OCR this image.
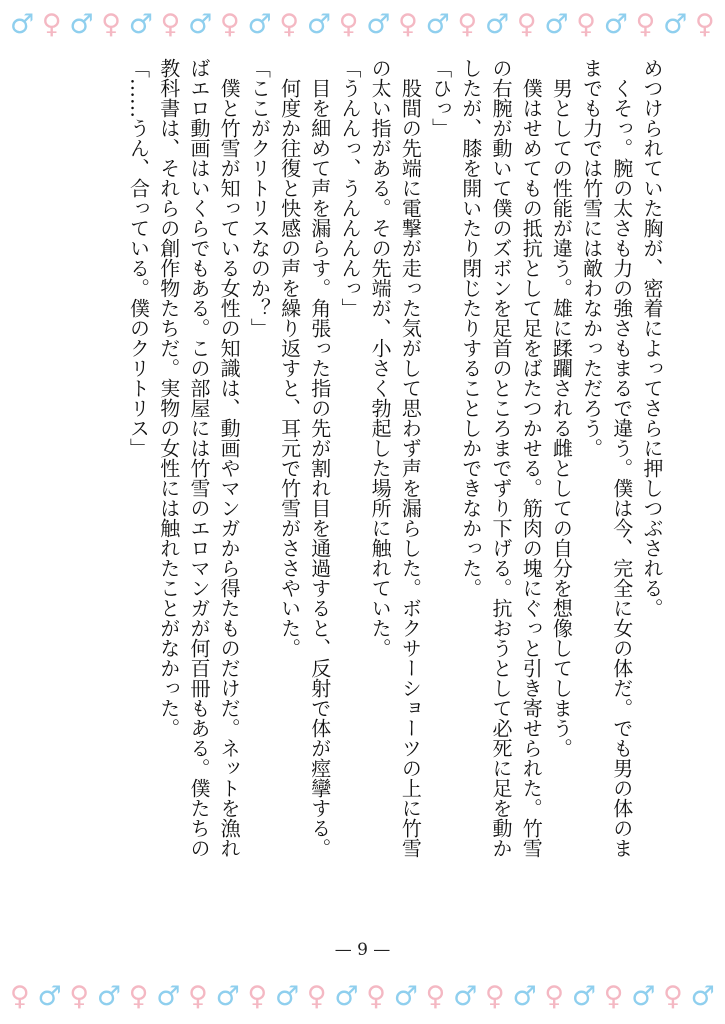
♂ ♀ ♂ ♀ ♂ ♀ ♂ ♀ ♂ ♀ ♂ ♀ ♂ ♀ ♂ ♀ ♂ ♀ ♂ ♀ ♂ ♀ ♂ ♀
めつけられていた胸が、密着によってさらに押しつぶされる。
　くそっ。腕の太さも力の強さもまるで違う。僕は今、完全に女の体だ。でも男の体のま
までも力では竹雪には敵わなかっただろう。
　男としての性能が違う。雄に蹂躙される雌としての自分を想像してしまう。
　僕はせめてもの抵抗として足をばたつかせる。筋肉の塊にぐっと引き寄せられた。竹雪
の右腕が動いて僕のズボンを足首のところまでずり下げる。抗おうとして必死に足を動か
したが、膝を開いたり閉じたりすることしかできなかった。
「ひっ」
　股間の先端に電撃が走った気がして思わず声を漏らした。ボクサーショーツの上に竹雪
の太い指がある。その先端が、小さく勃起した場所に触れていた。
「うんんっ、うんんんんっ」
　目を細めて声を漏らす。角張った指の先が割れ目を通過すると、反射で体が痙攣する。
　何度か往復と快感の声を繰り返すと、耳元で竹雪がささやいた。
「ここがクリトリスなのか？」
　僕と竹雪が知っている女性の知識は、動画やマンガから得たものだけだ。ネットを漁れ
ばエロ動画はいくらでもある。この部屋には竹雪のエロマンガが何百冊もある。僕たちの
教科書は、それらの創作物たちだ。実物の女性には触れたことがなかった。
「……うん、合っている。僕のクリトリス」
— 9 —
♀ ♂ ♀ ♂ ♀ ♂ ♀ ♂ ♀ ♂ ♀ ♂ ♀ ♂ ♀ ♂ ♀ ♂ ♀ ♂ ♀ ♂ ♀ ♂
